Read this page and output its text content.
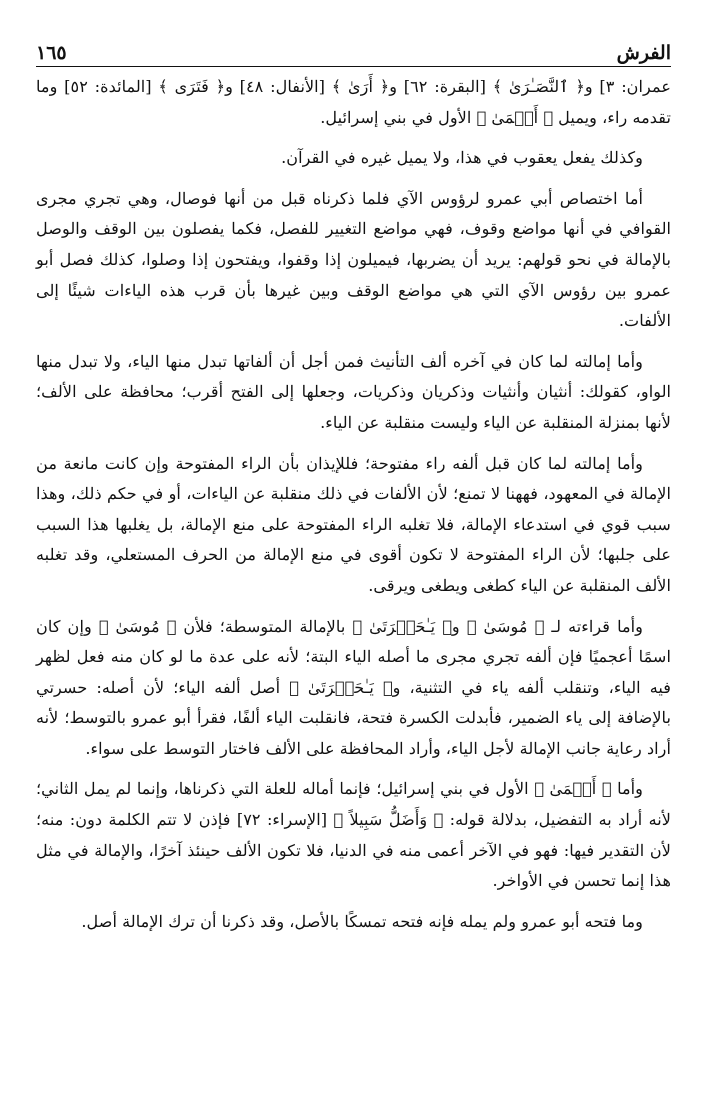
الفرش
١٦٥

عمران: ٣] و﴿ ٱلنَّصَـٰرَىٰ ﴾ [البقرة: ٦٢] و﴿ أَرَىٰ ﴾ [الأنفال: ٤٨] و﴿ فَتَرَى ﴾ [المائدة: ٥٢] وما تقدمه راء، ويميل ﴿ أَعۡمَىٰ ﴾ الأول في بني إسرائيل.

وكذلك يفعل يعقوب في هذا، ولا يميل غيره في القرآن.

أما اختصاص أبي عمرو لرؤوس الآي فلما ذكرناه قبل من أنها فوصال، وهي تجري مجرى القوافي في أنها مواضع وقوف، فهي مواضع التغيير للفصل، فكما يفصلون بين الوقف والوصل بالإمالة في نحو قولهم: يريد أن يضربها، فيميلون إذا وقفوا، ويفتحون إذا وصلوا، كذلك فصل أبو عمرو بين رؤوس الآي التي هي مواضع الوقف وبين غيرها بأن قرب هذه الياءات شيئًا إلى الألفات.

وأما إمالته لما كان في آخره ألف التأنيث فمن أجل أن ألفاتها تبدل منها الياء، ولا تبدل منها الواو، كقولك: أنثيان وأنثيات وذكريان وذكريات، وجعلها إلى الفتح أقرب؛ محافظة على الألف؛ لأنها بمنزلة المنقلبة عن الياء وليست منقلبة عن الياء.

وأما إمالته لما كان قبل ألفه راء مفتوحة؛ فللإيذان بأن الراء المفتوحة وإن كانت مانعة من الإمالة في المعهود، فههنا لا تمنع؛ لأن الألفات في ذلك منقلبة عن الياءات، أو في حكم ذلك، وهذا سبب قوي في استدعاء الإمالة، فلا تغلبه الراء المفتوحة على منع الإمالة، بل يغلبها هذا السبب على جلبها؛ لأن الراء المفتوحة لا تكون أقوى في منع الإمالة من الحرف المستعلي، وقد تغلبه الألف المنقلبة عن الياء كطغى ويطغى ويرقى.

وأما قراءته لـ ﴿ مُوسَىٰ ﴾ و﴿ يَـٰحَسۡرَتَىٰ ﴾ بالإمالة المتوسطة؛ فلأن ﴿ مُوسَىٰ ﴾ وإن كان اسمًا أعجميًا فإن ألفه تجري مجرى ما أصله الياء البتة؛ لأنه على عدة ما لو كان منه فعل لظهر فيه الياء، وتنقلب ألفه ياء في التثنية، و﴿ يَـٰحَسۡرَتَىٰ ﴾ أصل ألفه الياء؛ لأن أصله: حسرتي بالإضافة إلى ياء الضمير، فأبدلت الكسرة فتحة، فانقلبت الياء ألفًا، فقرأ أبو عمرو بالتوسط؛ لأنه أراد رعاية جانب الإمالة لأجل الياء، وأراد المحافظة على الألف فاختار التوسط على سواء.

وأما ﴿ أَعۡمَىٰ ﴾ الأول في بني إسرائيل؛ فإنما أماله للعلة التي ذكرناها، وإنما لم يمل الثاني؛ لأنه أراد به التفضيل، بدلالة قوله: ﴿ وَأَضَلُّ سَبِيلاً ﴾ [الإسراء: ٧٢] فإذن لا تتم الكلمة دون: منه؛ لأن التقدير فيها: فهو في الآخر أعمى منه في الدنيا، فلا تكون الألف حينئذ آخرًا، والإمالة في مثل هذا إنما تحسن في الأواخر.

وما فتحه أبو عمرو ولم يمله فإنه فتحه تمسكًا بالأصل، وقد ذكرنا أن ترك الإمالة أصل.
